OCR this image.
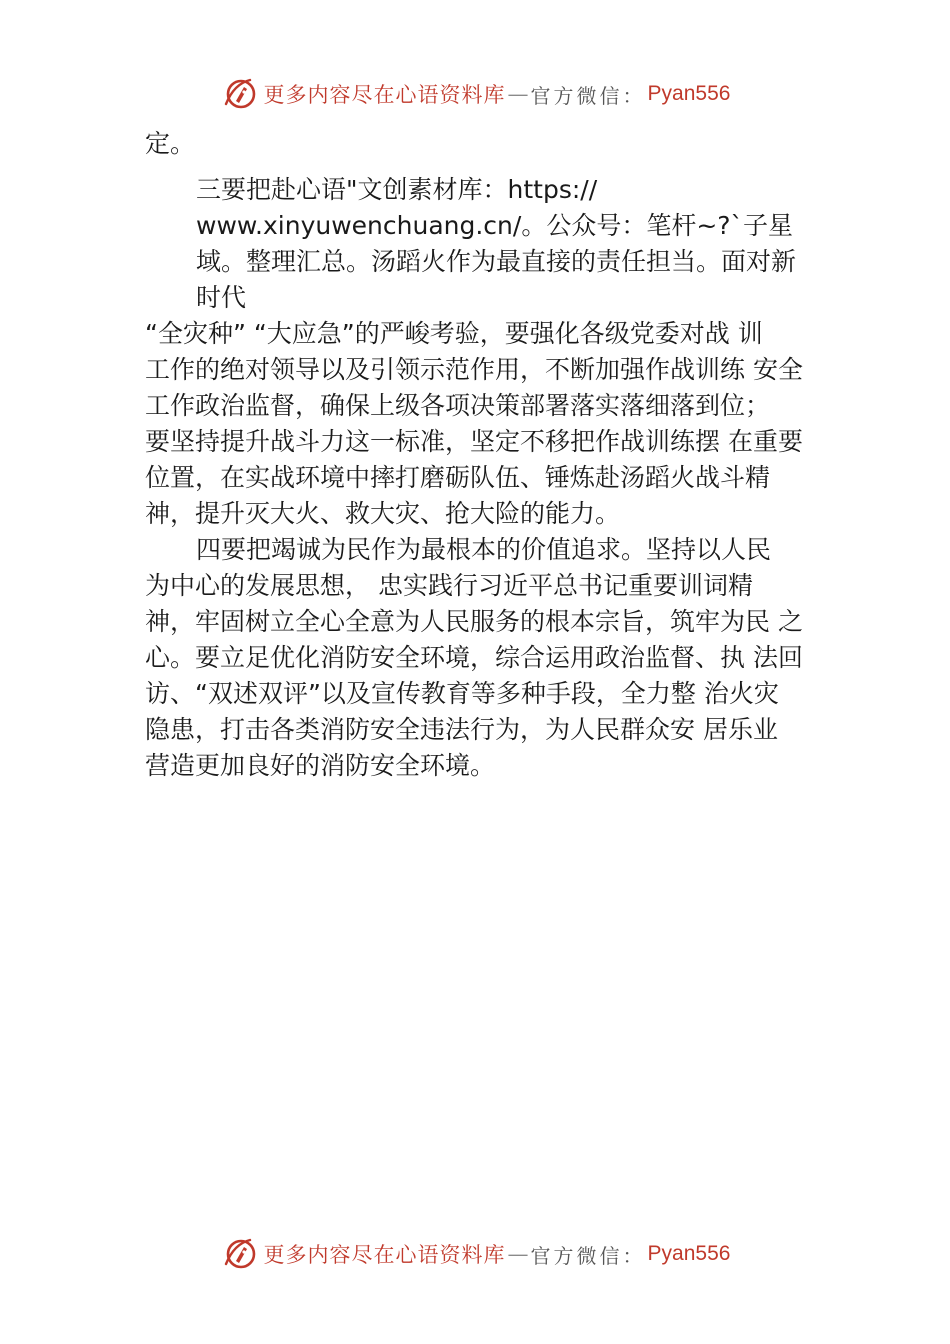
更多内容尽在心语资料库 — 官方微信： Pyan556

定。

三要把赴心语"文创素材库：https://

www.xinyuwenchuang.cn/。公众号：笔杆~?`子星

域。整理汇总。汤蹈火作为最直接的责任担当。面对新

时代

“全灾种” “大应急”的严峻考验，要强化各级党委对战 训

工作的绝对领导以及引领示范作用，不断加强作战训练 安全

工作政治监督，确保上级各项决策部署落实落细落到位；

要坚持提升战斗力这一标准，坚定不移把作战训练摆 在重要

位置，在实战环境中摔打磨砺队伍、锤炼赴汤蹈火战斗精

神，提升灭大火、救大灾、抢大险的能力。

四要把竭诚为民作为最根本的价值追求。坚持以人民

为中心的发展思想， 忠实践行习近平总书记重要训词精

神，牢固树立全心全意为人民服务的根本宗旨，筑牢为民 之

心。要立足优化消防安全环境，综合运用政治监督、执 法回

访、“双述双评”以及宣传教育等多种手段，全力整 治火灾

隐患，打击各类消防安全违法行为，为人民群众安 居乐业

营造更加良好的消防安全环境。

更多内容尽在心语资料库 — 官方微信： Pyan556
